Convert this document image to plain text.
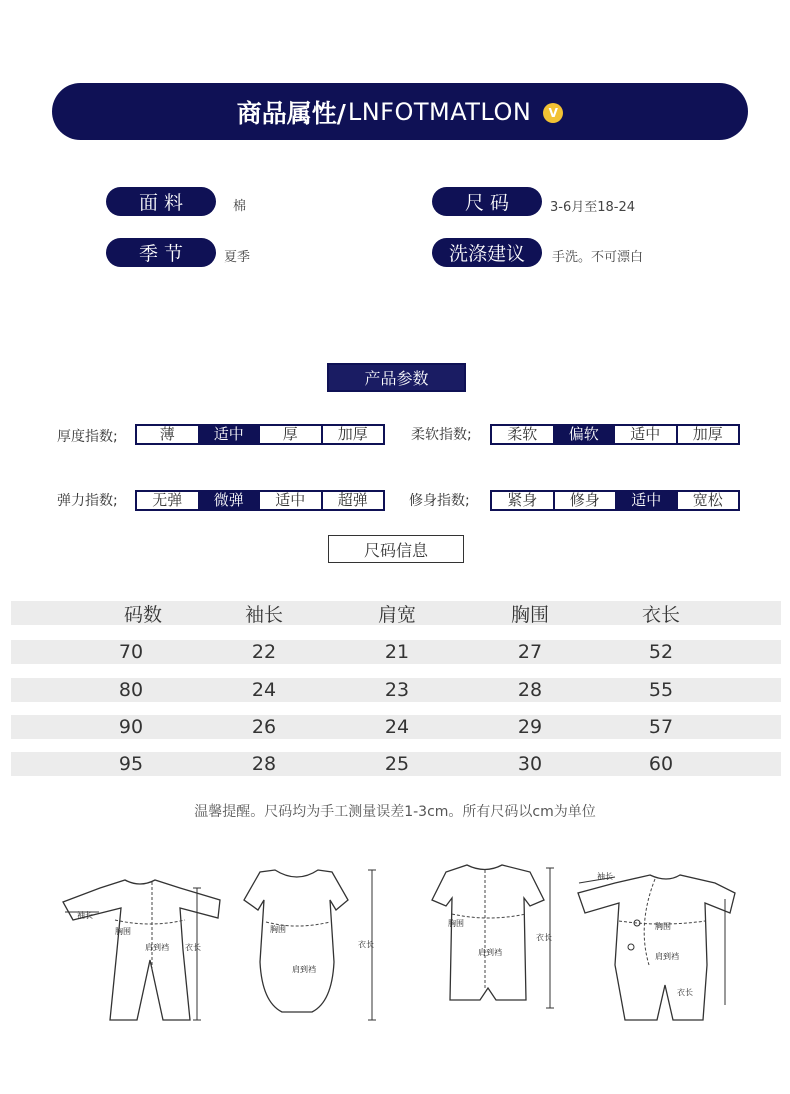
商品属性/ LNFOTMATLON	V
面 料	棉	尺 码	3-6月至18-24
季 节	夏季	洗涤建议	手洗。不可漂白
产品参数
厚度指数;	薄	适中	厚	加厚	柔软指数;	柔软	偏软	适中	加厚
弹力指数;	无弹	微弹	适中	超弹	修身指数;	紧身	修身	适中	宽松
尺码信息
码数	袖长	肩宽	胸围	衣长
70	22	21	27	52
80	24	23	28	55
90	26	24	29	57
95	28	25	30	60
温馨提醒。尺码均为手工测量误差1-3cm。所有尺码以cm为单位
袖长
胸围
肩到裆 衣长
胸围
肩到裆
衣长
胸围
肩到裆
衣长
袖长
胸围
肩到裆
衣长
